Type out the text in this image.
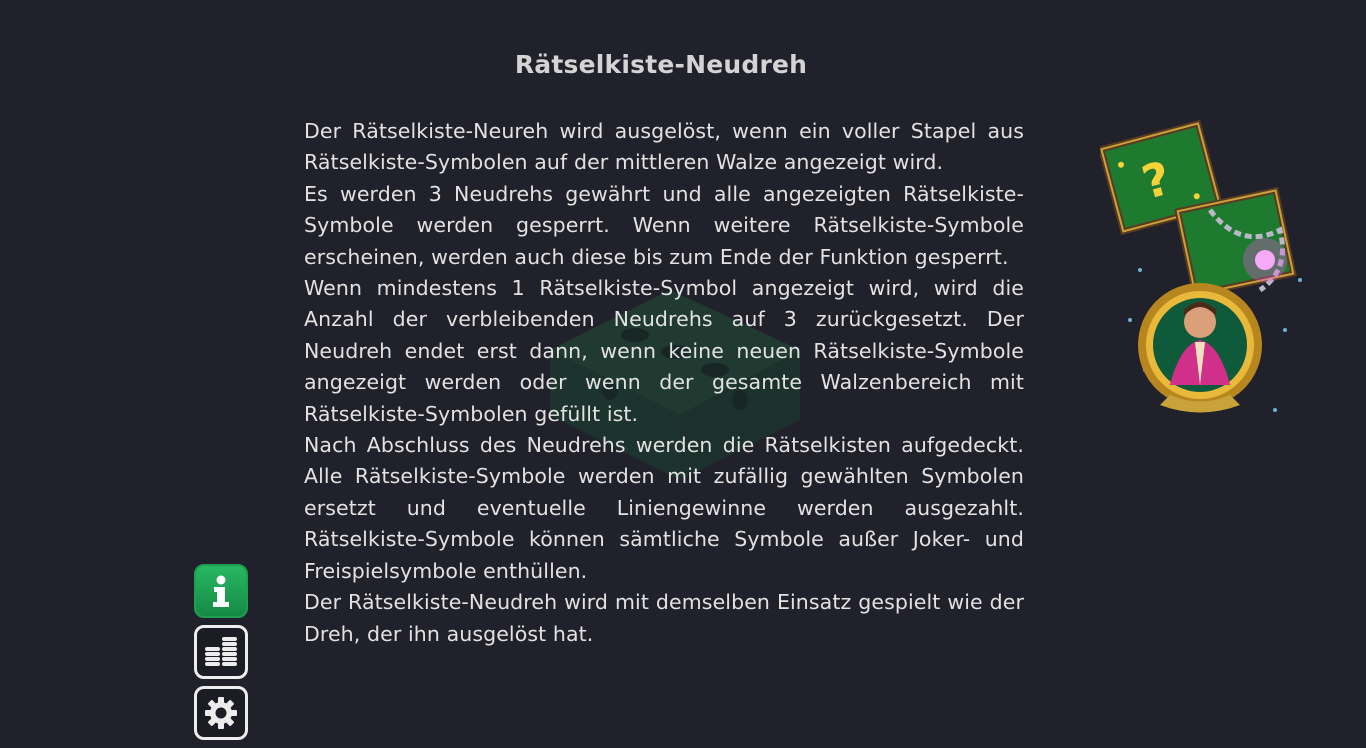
Rätselkiste-Neudreh

Der Rätselkiste-Neureh wird ausgelöst, wenn ein voller Stapel aus Rätselkiste-Symbolen auf der mittleren Walze angezeigt wird.

Es werden 3 Neudrehs gewährt und alle angezeigten Rätselkiste-Symbole werden gesperrt. Wenn weitere Rätselkiste-Symbole erscheinen, werden auch diese bis zum Ende der Funktion gesperrt.

Wenn mindestens 1 Rätselkiste-Symbol angezeigt wird, wird die Anzahl der verbleibenden Neudrehs auf 3 zurückgesetzt. Der Neudreh endet erst dann, wenn keine neuen Rätselkiste-Symbole angezeigt werden oder wenn der gesamte Walzenbereich mit Rätselkiste-Symbolen gefüllt ist.

Nach Abschluss des Neudrehs werden die Rätselkisten aufgedeckt. Alle Rätselkiste-Symbole werden mit zufällig gewählten Symbolen ersetzt und eventuelle Liniengewinne werden ausgezahlt. Rätselkiste-Symbole können sämtliche Symbole außer Joker- und Freispielsymbole enthüllen.

Der Rätselkiste-Neudreh wird mit demselben Einsatz gespielt wie der Dreh, der ihn ausgelöst hat.

?
